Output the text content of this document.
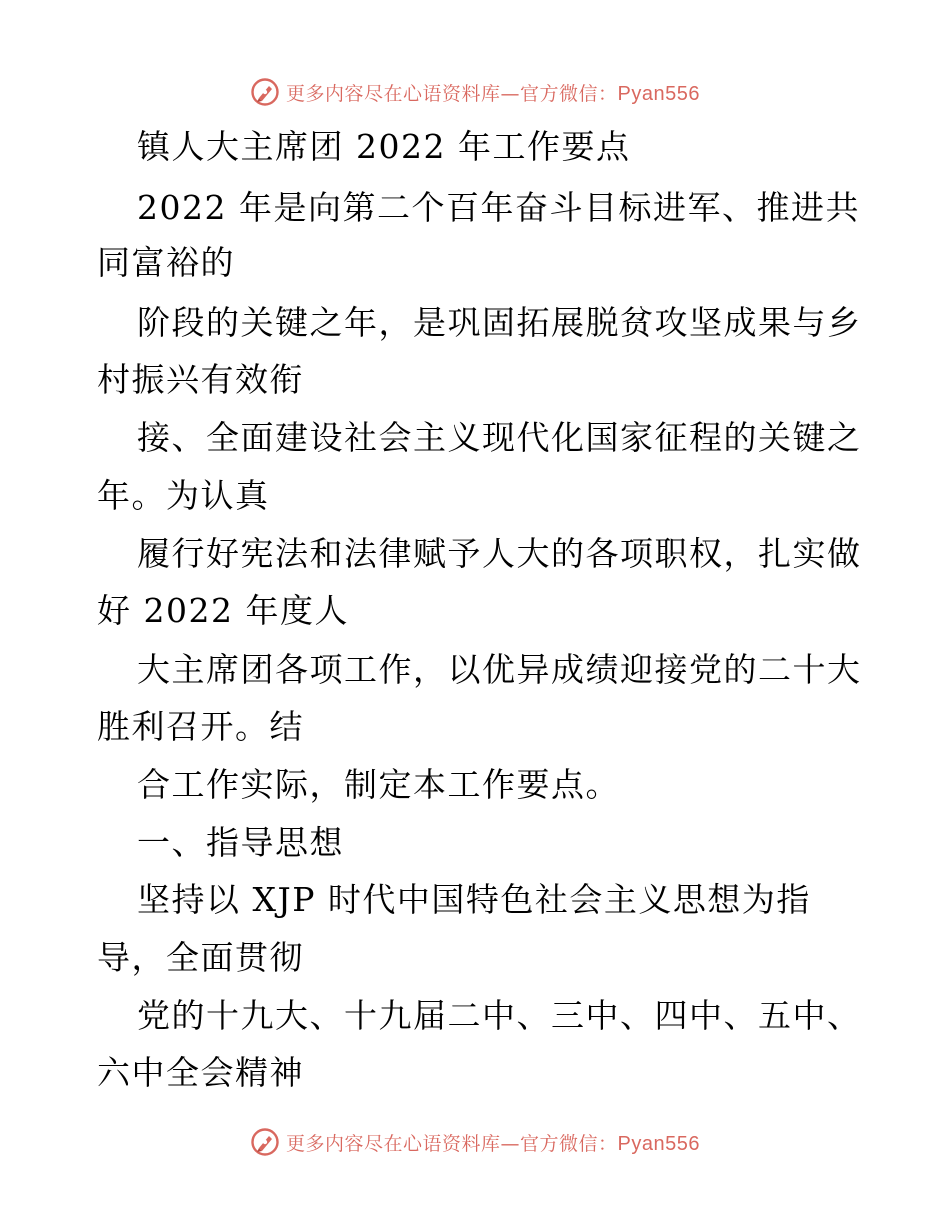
更多内容尽在心语资料库—官方微信：Pyan556
镇人大主席团 2022 年工作要点
2022 年是向第二个百年奋斗目标进军、推进共
同富裕的
阶段的关键之年，是巩固拓展脱贫攻坚成果与乡
村振兴有效衔
接、全面建设社会主义现代化国家征程的关键之
年。为认真
履行好宪法和法律赋予人大的各项职权，扎实做
好 2022 年度人
大主席团各项工作，以优异成绩迎接党的二十大
胜利召开。结
合工作实际，制定本工作要点。
一、指导思想
坚持以 XJP 时代中国特色社会主义思想为指
导，全面贯彻
党的十九大、十九届二中、三中、四中、五中、
六中全会精神
更多内容尽在心语资料库—官方微信：Pyan556
